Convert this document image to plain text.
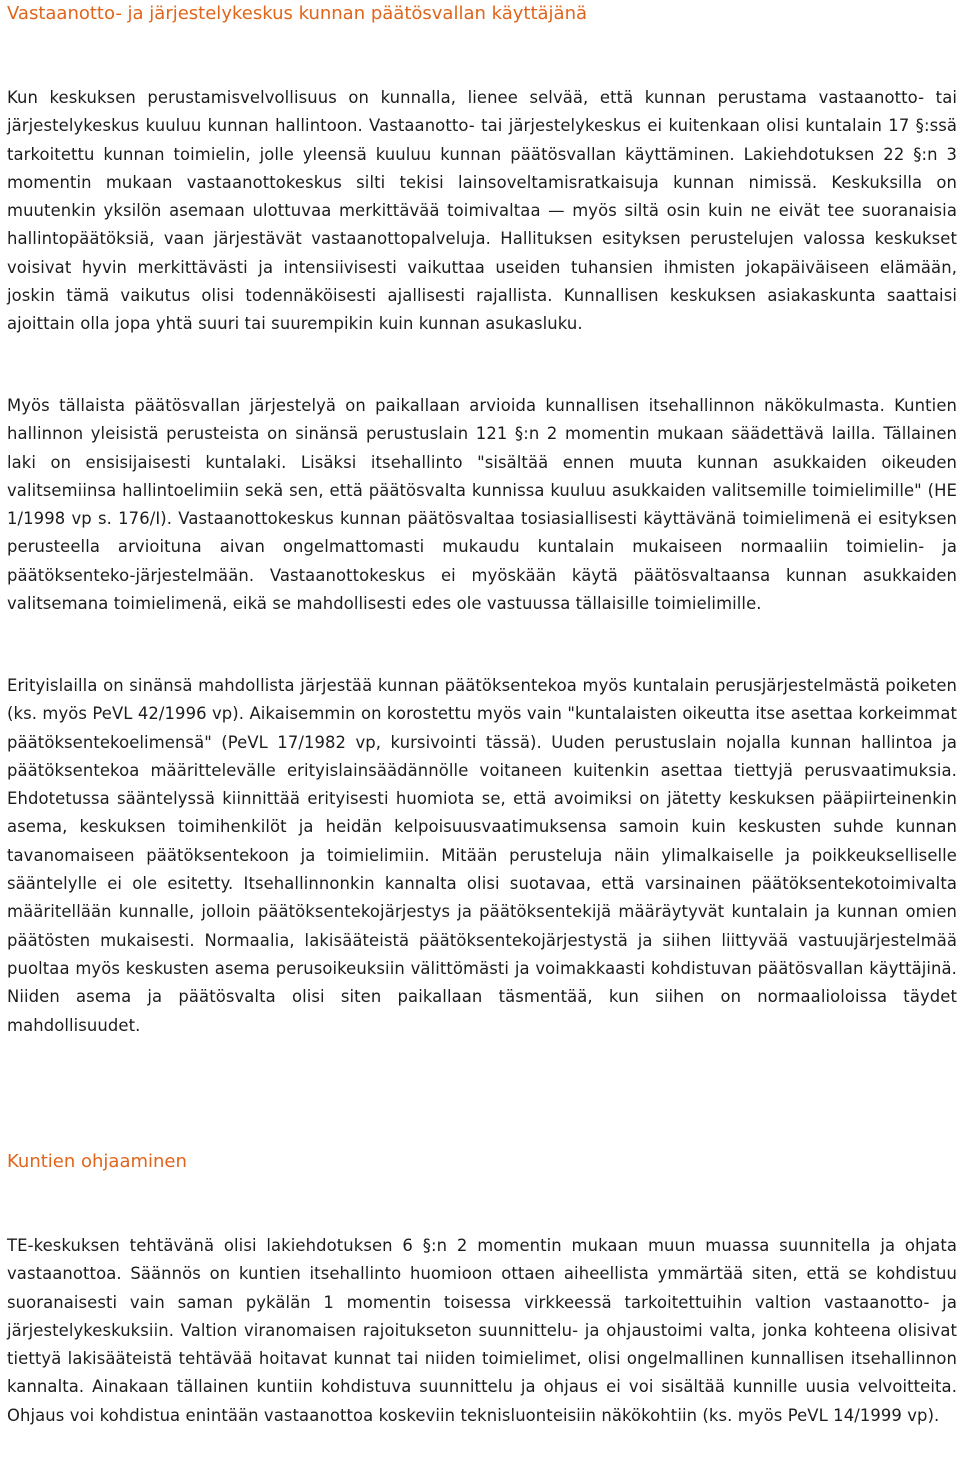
Vastaanotto- ja järjestelykeskus kunnan päätösvallan käyttäjänä

Kun keskuksen perustamisvelvollisuus on kunnalla, lienee selvää, että kunnan perustama vastaanotto- tai järjestelykeskus kuuluu kunnan hallintoon. Vastaanotto- tai järjestelykeskus ei kuitenkaan olisi kuntalain 17 §:ssä tarkoitettu kunnan toimielin, jolle yleensä kuuluu kunnan päätösvallan käyttäminen. Lakiehdotuksen 22 §:n 3 momentin mukaan vastaanottokeskus silti tekisi lainsoveltamisratkaisuja kunnan nimissä. Keskuksilla on muutenkin yksilön asemaan ulottuvaa merkittävää toimivaltaa — myös siltä osin kuin ne eivät tee suoranaisia hallintopäätöksiä, vaan järjestävät vastaanottopalveluja. Hallituksen esityksen perustelujen valossa keskukset voisivat hyvin merkittävästi ja intensiivisesti vaikuttaa useiden tuhansien ihmisten jokapäiväiseen elämään, joskin tämä vaikutus olisi todennäköisesti ajallisesti rajallista. Kunnallisen keskuksen asiakaskunta saattaisi ajoittain olla jopa yhtä suuri tai suurempikin kuin kunnan asukasluku.

Myös tällaista päätösvallan järjestelyä on paikallaan arvioida kunnallisen itsehallinnon näkökulmasta. Kuntien hallinnon yleisistä perusteista on sinänsä perustuslain 121 §:n 2 momentin mukaan säädettävä lailla. Tällainen laki on ensisijaisesti kuntalaki. Lisäksi itsehallinto "sisältää ennen muuta kunnan asukkaiden oikeuden valitsemiinsa hallintoelimiin sekä sen, että päätösvalta kunnissa kuuluu asukkaiden valitsemille toimielimille" (HE 1/1998 vp s. 176/I). Vastaanottokeskus kunnan päätösvaltaa tosiasiallisesti käyttävänä toimielimenä ei esityksen perusteella arvioituna aivan ongelmattomasti mukaudu kuntalain mukaiseen normaaliin toimielin- ja päätöksenteko-järjestelmään. Vastaanottokeskus ei myöskään käytä päätösvaltaansa kunnan asukkaiden valitsemana toimielimenä, eikä se mahdollisesti edes ole vastuussa tällaisille toimielimille.

Erityislailla on sinänsä mahdollista järjestää kunnan päätöksentekoa myös kuntalain perusjärjestelmästä poiketen (ks. myös PeVL 42/1996 vp). Aikaisemmin on korostettu myös vain "kuntalaisten oikeutta itse asettaa korkeimmat päätöksentekoelimensä" (PeVL 17/1982 vp, kursivointi tässä). Uuden perustuslain nojalla kunnan hallintoa ja päätöksentekoa määrittelevälle erityislainsäädännölle voitaneen kuitenkin asettaa tiettyjä perusvaatimuksia. Ehdotetussa sääntelyssä kiinnittää erityisesti huomiota se, että avoimiksi on jätetty keskuksen pääpiirteinenkin asema, keskuksen toimihenkilöt ja heidän kelpoisuusvaatimuksensa samoin kuin keskusten suhde kunnan tavanomaiseen päätöksentekoon ja toimielimiin. Mitään perusteluja näin ylimalkaiselle ja poikkeukselliselle sääntelylle ei ole esitetty. Itsehallinnonkin kannalta olisi suotavaa, että varsinainen päätöksentekotoimivalta määritellään kunnalle, jolloin päätöksentekojärjestys ja päätöksentekijä määräytyvät kuntalain ja kunnan omien päätösten mukaisesti. Normaalia, lakisääteistä päätöksentekojärjestystä ja siihen liittyvää vastuujärjestelmää puoltaa myös keskusten asema perusoikeuksiin välittömästi ja voimakkaasti kohdistuvan päätösvallan käyttäjinä. Niiden asema ja päätösvalta olisi siten paikallaan täsmentää, kun siihen on normaalioloissa täydet mahdollisuudet.

Kuntien ohjaaminen

TE-keskuksen tehtävänä olisi lakiehdotuksen 6 §:n 2 momentin mukaan muun muassa suunnitella ja ohjata vastaanottoa. Säännös on kuntien itsehallinto huomioon ottaen aiheellista ymmärtää siten, että se kohdistuu suoranaisesti vain saman pykälän 1 momentin toisessa virkkeessä tarkoitettuihin valtion vastaanotto- ja järjestelykeskuksiin. Valtion viranomaisen rajoitukseton suunnittelu- ja ohjaustoimi valta, jonka kohteena olisivat tiettyä lakisääteistä tehtävää hoitavat kunnat tai niiden toimielimet, olisi ongelmallinen kunnallisen itsehallinnon kannalta. Ainakaan tällainen kuntiin kohdistuva suunnittelu ja ohjaus ei voi sisältää kunnille uusia velvoitteita. Ohjaus voi kohdistua enintään vastaanottoa koskeviin teknisluonteisiin näkökohtiin (ks. myös PeVL 14/1999 vp).
